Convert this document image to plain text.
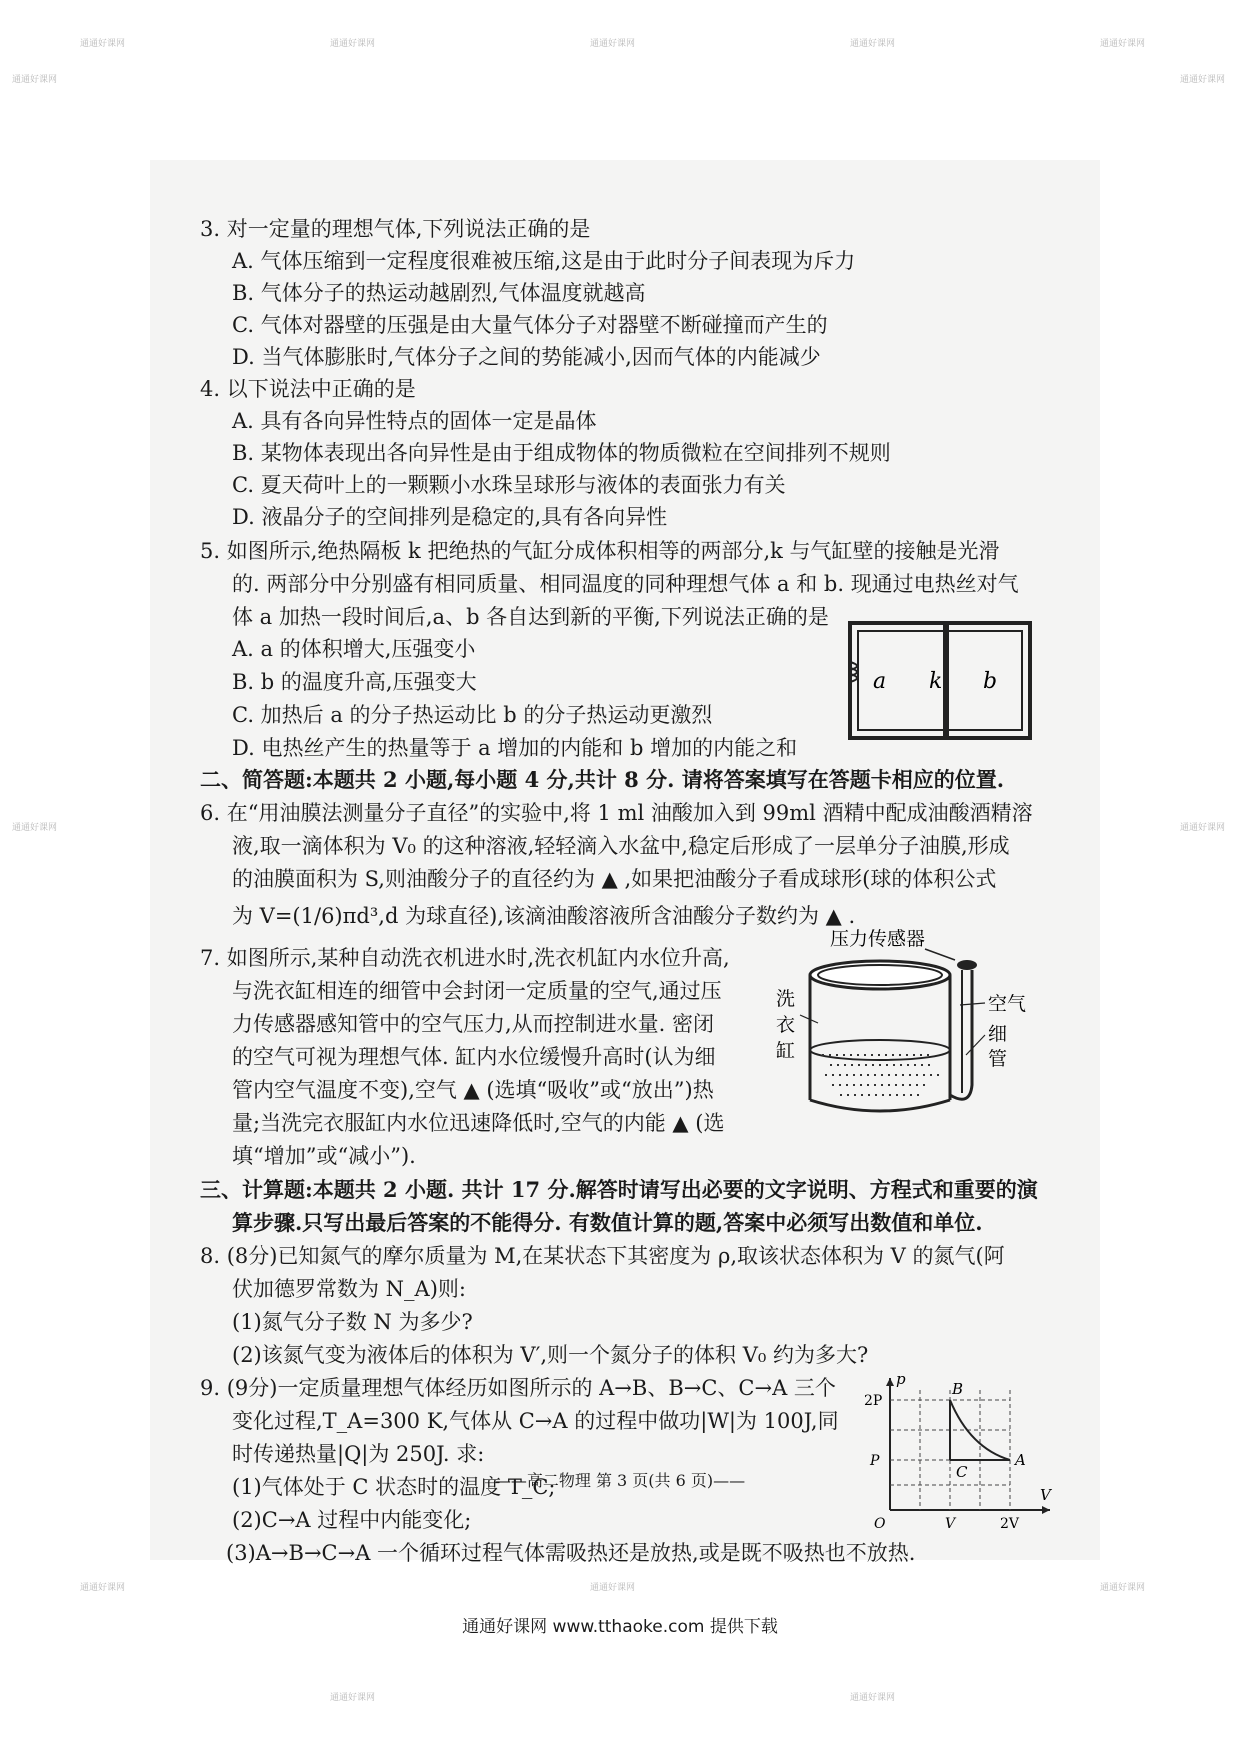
通通好课网	通通好课网	通通好课网	通通好课网	通通好课网
通通好课网	通通好课网
通通好课网	通通好课网
通通好课网	通通好课网	通通好课网
通通好课网	通通好课网
3. 对一定量的理想气体,下列说法正确的是
A. 气体压缩到一定程度很难被压缩,这是由于此时分子间表现为斥力
B. 气体分子的热运动越剧烈,气体温度就越高
C. 气体对器壁的压强是由大量气体分子对器壁不断碰撞而产生的
D. 当气体膨胀时,气体分子之间的势能减小,因而气体的内能减少
4. 以下说法中正确的是
A. 具有各向异性特点的固体一定是晶体
B. 某物体表现出各向异性是由于组成物体的物质微粒在空间排列不规则
C. 夏天荷叶上的一颗颗小水珠呈球形与液体的表面张力有关
D. 液晶分子的空间排列是稳定的,具有各向异性
5. 如图所示,绝热隔板 k 把绝热的气缸分成体积相等的两部分,k 与气缸壁的接触是光滑
的. 两部分中分别盛有相同质量、相同温度的同种理想气体 a 和 b. 现通过电热丝对气
体 a 加热一段时间后,a、b 各自达到新的平衡,下列说法正确的是
A. a 的体积增大,压强变小
B. b 的温度升高,压强变大
C. 加热后 a 的分子热运动比 b 的分子热运动更激烈
D. 电热丝产生的热量等于 a 增加的内能和 b 增加的内能之和
a k b
二、简答题:本题共 2 小题,每小题 4 分,共计 8 分. 请将答案填写在答题卡相应的位置.
6. 在“用油膜法测量分子直径”的实验中,将 1 ml 油酸加入到 99ml 酒精中配成油酸酒精溶
液,取一滴体积为 V₀ 的这种溶液,轻轻滴入水盆中,稳定后形成了一层单分子油膜,形成
的油膜面积为 S,则油酸分子的直径约为 ▲ ,如果把油酸分子看成球形(球的体积公式
为 V=(1/6)πd³,d 为球直径),该滴油酸溶液所含油酸分子数约为 ▲ .
7. 如图所示,某种自动洗衣机进水时,洗衣机缸内水位升高,
与洗衣缸相连的细管中会封闭一定质量的空气,通过压
力传感器感知管中的空气压力,从而控制进水量. 密闭
的空气可视为理想气体. 缸内水位缓慢升高时(认为细
管内空气温度不变),空气 ▲ (选填“吸收”或“放出”)热
量;当洗完衣服缸内水位迅速降低时,空气的内能 ▲ (选
填“增加”或“减小”).
压力传感器
空气
细
管
洗
衣
缸
三、计算题:本题共 2 小题. 共计 17 分.解答时请写出必要的文字说明、方程式和重要的演
算步骤.只写出最后答案的不能得分. 有数值计算的题,答案中必须写出数值和单位.
8. (8分)已知氮气的摩尔质量为 M,在某状态下其密度为 ρ,取该状态体积为 V 的氮气(阿
伏加德罗常数为 N_A)则:
(1)氮气分子数 N 为多少?
(2)该氮气变为液体后的体积为 V′,则一个氮分子的体积 V₀ 约为多大?
9. (9分)一定质量理想气体经历如图所示的 A→B、B→C、C→A 三个
变化过程,T_A=300 K,气体从 C→A 的过程中做功|W|为 100J,同
时传递热量|Q|为 250J. 求:
(1)气体处于 C 状态时的温度 T_C;
(2)C→A 过程中内能变化;
(3)A→B→C→A 一个循环过程气体需吸热还是放热,或是既不吸热也不放热.
p
V
2P
P
O	V	2V
A
B
C
——高二物理 第 3 页(共 6 页)——
通通好课网 www.tthaoke.com 提供下载
